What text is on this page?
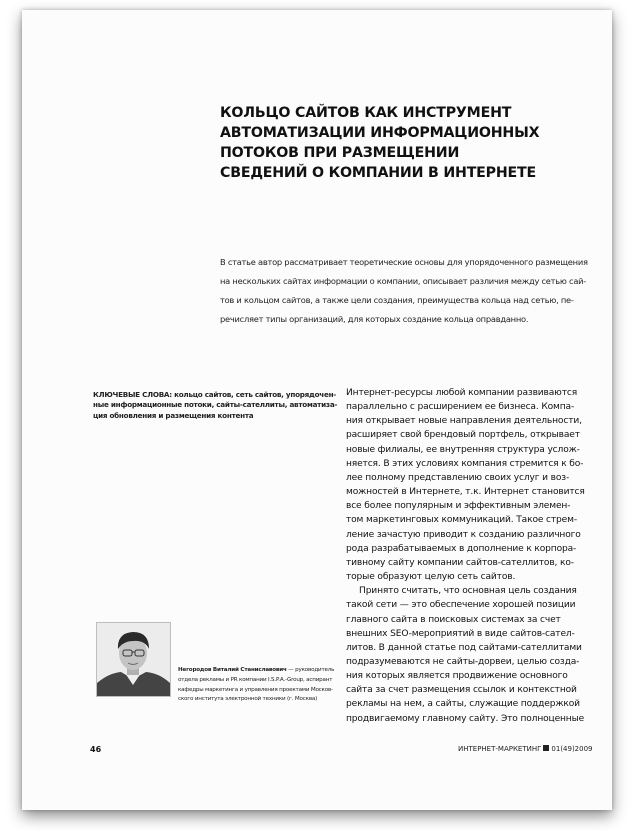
КОЛЬЦО САЙТОВ КАК ИНСТРУМЕНТ АВТОМАТИЗАЦИИ ИНФОРМАЦИОННЫХ ПОТОКОВ ПРИ РАЗМЕЩЕНИИ СВЕДЕНИЙ О КОМПАНИИ В ИНТЕРНЕТЕ

В статье автор рассматривает теоретические основы для упорядоченного размещения
на нескольких сайтах информации о компании, описывает различия между сетью сай-
тов и кольцом сайтов, а также цели создания, преимущества кольца над сетью, пе-
речисляет типы организаций, для которых создание кольца оправданно.

КЛЮЧЕВЫЕ СЛОВА: кольцо сайтов, сеть сайтов, упорядочен-
ные информационные потоки, сайты-сателлиты, автоматиза-
ция обновления и размещения контента
Интернет-ресурсы любой компании развиваются
параллельно с расширением ее бизнеса. Компа-
ния открывает новые направления деятельности,
расширяет свой брендовый портфель, открывает
новые филиалы, ее внутренняя структура услож-
няется. В этих условиях компания стремится к бо-
лее полному представлению своих услуг и воз-
можностей в Интернете, т.к. Интернет становится
все более популярным и эффективным элемен-
том маркетинговых коммуникаций. Такое стрем-
ление зачастую приводит к созданию различного
рода разрабатываемых в дополнение к корпора-
тивному сайту компании сайтов-сателлитов, ко-
торые образуют целую сеть сайтов.
Принято считать, что основная цель создания
такой сети — это обеспечение хорошей позиции
главного сайта в поисковых системах за счет
внешних SEO-мероприятий в виде сайтов-сател-
литов. В данной статье под сайтами-сателлитами
подразумеваются не сайты-дорвеи, целью созда-
ния которых является продвижение основного
сайта за счет размещения ссылок и контекстной
рекламы на нем, а сайты, служащие поддержкой
продвигаемому главному сайту. Это полноценные
Негородов Виталий Станиславович — руководитель
отдела рекламы и PR компании I.S.P.A.-Group, аспирант
кафедры маркетинга и управления проектами Москов-
ского института электронной техники (г. Москва)
46	ИНТЕРНЕТ-МАРКЕТИНГ 01(49)2009
